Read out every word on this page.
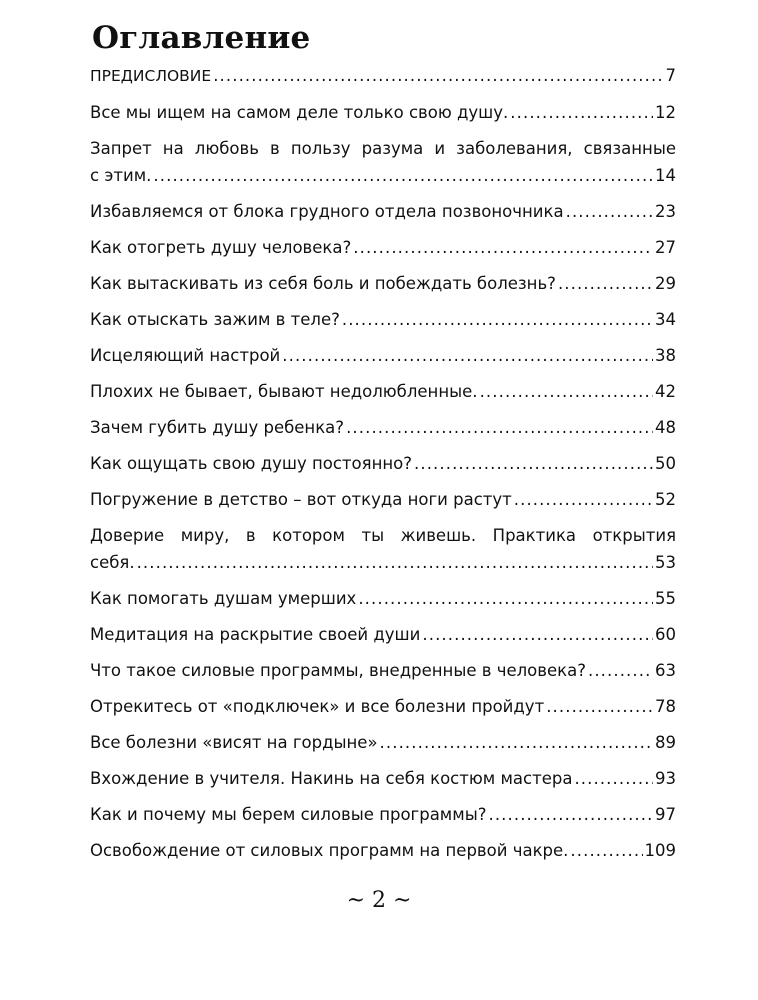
Оглавление
ПРЕДИСЛОВИЕ .....	7
Все мы ищем на самом деле только свою душу. .....	12
Запрет на любовь в пользу разума и заболевания, связанные
с этим. .....	14
Избавляемся от блока грудного отдела позвоночника .....	23
Как отогреть душу человека? .....	27
Как вытаскивать из себя боль и побеждать болезнь? .....	29
Как отыскать зажим в теле? .....	34
Исцеляющий настрой .....	38
Плохих не бывает, бывают недолюбленные. .....	42
Зачем губить душу ребенка? .....	48
Как ощущать свою душу постоянно? .....	50
Погружение в детство – вот откуда ноги растут .....	52
Доверие миру, в котором ты живешь. Практика открытия
себя. .....	53
Как помогать душам умерших .....	55
Медитация на раскрытие своей души .....	60
Что такое силовые программы, внедренные в человека? .....	63
Отрекитесь от «подключек» и все болезни пройдут .....	78
Все болезни «висят на гордыне» .....	89
Вхождение в учителя. Накинь на себя костюм мастера .....	93
Как и почему мы берем силовые программы? .....	97
Освобождение от силовых программ на первой чакре. .....	109
~ 2 ~
